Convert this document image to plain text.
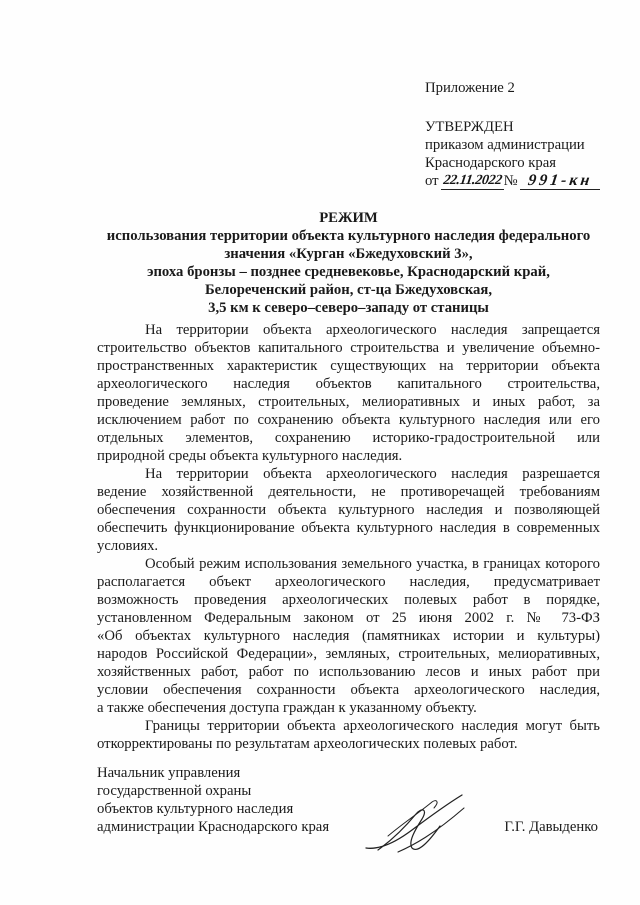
Приложение 2
УТВЕРЖДЕН
приказом администрации
Краснодарского края
от 22.11.2022 № 991-кн
РЕЖИМ
использования территории объекта культурного наследия федерального
значения «Курган «Бжедуховский 3»,
эпоха бронзы – позднее средневековье, Краснодарский край,
Белореченский район, ст-ца Бжедуховская,
3,5 км к северо–северо–западу от станицы
На территории объекта археологического наследия запрещается
строительство объектов капитального строительства и увеличение объемно-
пространственных характеристик существующих на территории объекта
археологического наследия объектов капитального строительства,
проведение земляных, строительных, мелиоративных и иных работ, за
исключением работ по сохранению объекта культурного наследия или его
отдельных элементов, сохранению историко-градостроительной или
природной среды объекта культурного наследия.
На территории объекта археологического наследия разрешается
ведение хозяйственной деятельности, не противоречащей требованиям
обеспечения сохранности объекта культурного наследия и позволяющей
обеспечить функционирование объекта культурного наследия в современных
условиях.
Особый режим использования земельного участка, в границах которого
располагается объект археологического наследия, предусматривает
возможность проведения археологических полевых работ в порядке,
установленном Федеральным законом от 25 июня 2002 г. № 73-ФЗ
«Об объектах культурного наследия (памятниках истории и культуры)
народов Российской Федерации», земляных, строительных, мелиоративных,
хозяйственных работ, работ по использованию лесов и иных работ при
условии обеспечения сохранности объекта археологического наследия,
а также обеспечения доступа граждан к указанному объекту.
Границы территории объекта археологического наследия могут быть
откорректированы по результатам археологических полевых работ.
Начальник управления
государственной охраны
объектов культурного наследия
администрации Краснодарского края	Г.Г. Давыденко
